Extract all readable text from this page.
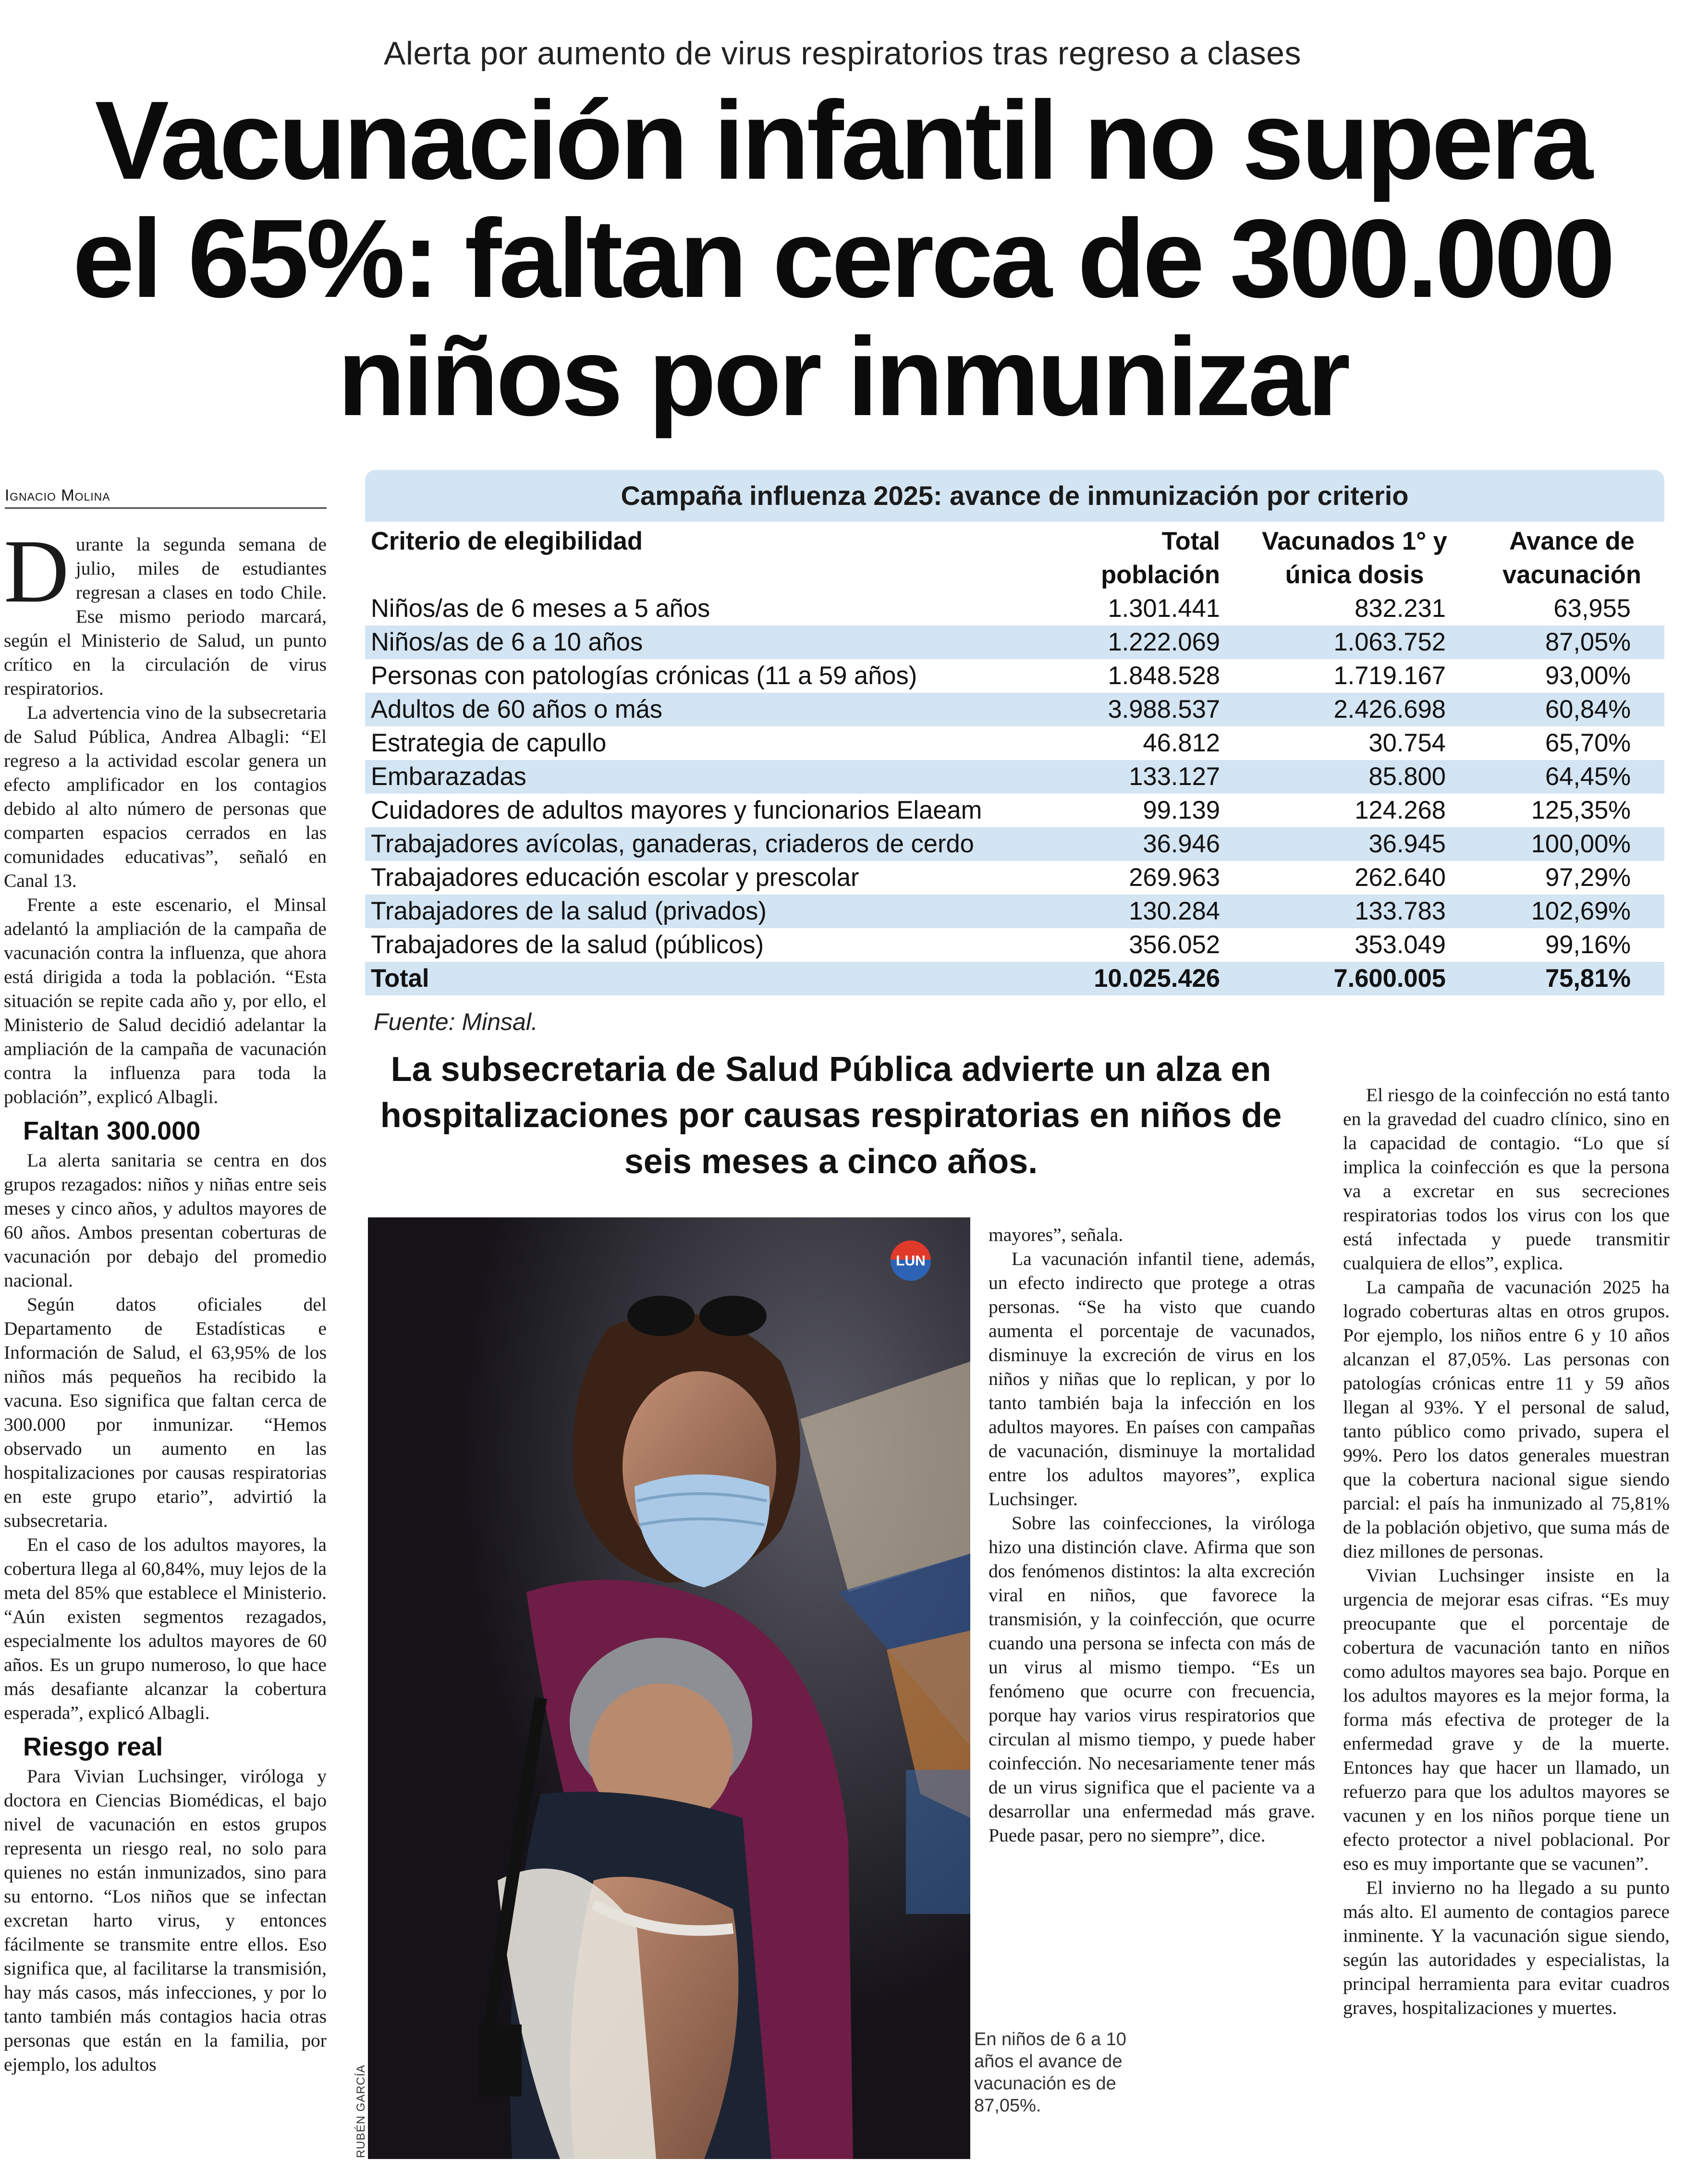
Alerta por aumento de virus respiratorios tras regreso a clases
Vacunación infantil no supera el 65%: faltan cerca de 300.000 niños por inmunizar
Ignacio Molina

Durante la segunda semana de julio, miles de estudiantes regresan a clases en todo Chile. Ese mismo periodo marcará, según el Ministerio de Salud, un punto crítico en la circulación de virus respiratorios.

La advertencia vino de la subsecretaria de Salud Pública, Andrea Albagli: “El regreso a la actividad escolar genera un efecto amplificador en los contagios debido al alto número de personas que comparten espacios cerrados en las comunidades educativas”, señaló en Canal 13.

Frente a este escenario, el Minsal adelantó la ampliación de la campaña de vacunación contra la influenza, que ahora está dirigida a toda la población. “Esta situación se repite cada año y, por ello, el Ministerio de Salud decidió adelantar la ampliación de la campaña de vacunación contra la influenza para toda la población”, explicó Albagli.

Faltan 300.000

La alerta sanitaria se centra en dos grupos rezagados: niños y niñas entre seis meses y cinco años, y adultos mayores de 60 años. Ambos presentan coberturas de vacunación por debajo del promedio nacional.

Según datos oficiales del Departamento de Estadísticas e Información de Salud, el 63,95% de los niños más pequeños ha recibido la vacuna. Eso significa que faltan cerca de 300.000 por inmunizar. “Hemos observado un aumento en las hospitalizaciones por causas respiratorias en este grupo etario”, advirtió la subsecretaria.

En el caso de los adultos mayores, la cobertura llega al 60,84%, muy lejos de la meta del 85% que establece el Ministerio. “Aún existen segmentos rezagados, especialmente los adultos mayores de 60 años. Es un grupo numeroso, lo que hace más desafiante alcanzar la cobertura esperada”, explicó Albagli.

Riesgo real

Para Vivian Luchsinger, viróloga y doctora en Ciencias Biomédicas, el bajo nivel de vacunación en estos grupos representa un riesgo real, no solo para quienes no están inmunizados, sino para su entorno. “Los niños que se infectan excretan harto virus, y entonces fácilmente se transmite entre ellos. Eso significa que, al facilitarse la transmisión, hay más casos, más infecciones, y por lo tanto también más contagios hacia otras personas que están en la familia, por ejemplo, los adultos

Campaña influenza 2025: avance de inmunización por criterio
Criterio de elegibilidad	Total población	Vacunados 1° y única dosis	Avance de vacunación
Niños/as de 6 meses a 5 años	1.301.441	832.231	63,955
Niños/as de 6 a 10 años	1.222.069	1.063.752	87,05%
Personas con patologías crónicas (11 a 59 años)	1.848.528	1.719.167	93,00%
Adultos de 60 años o más	3.988.537	2.426.698	60,84%
Estrategia de capullo	46.812	30.754	65,70%
Embarazadas	133.127	85.800	64,45%
Cuidadores de adultos mayores y funcionarios Elaeam	99.139	124.268	125,35%
Trabajadores avícolas, ganaderas, criaderos de cerdo	36.946	36.945	100,00%
Trabajadores educación escolar y prescolar	269.963	262.640	97,29%
Trabajadores de la salud (privados)	130.284	133.783	102,69%
Trabajadores de la salud (públicos)	356.052	353.049	99,16%
Total	10.025.426	7.600.005	75,81%
Fuente: Minsal.
La subsecretaria de Salud Pública advierte un alza en hospitalizaciones por causas respiratorias en niños de seis meses a cinco años.
LUN
RUBÉN GARCÍA
En niños de 6 a 10 años el avance de vacunación es de 87,05%.

mayores”, señala.

La vacunación infantil tiene, además, un efecto indirecto que protege a otras personas. “Se ha visto que cuando aumenta el porcentaje de vacunados, disminuye la excreción de virus en los niños y niñas que lo replican, y por lo tanto también baja la infección en los adultos mayores. En países con campañas de vacunación, disminuye la mortalidad entre los adultos mayores”, explica Luchsinger.

Sobre las coinfecciones, la viróloga hizo una distinción clave. Afirma que son dos fenómenos distintos: la alta excreción viral en niños, que favorece la transmisión, y la coinfección, que ocurre cuando una persona se infecta con más de un virus al mismo tiempo. “Es un fenómeno que ocurre con frecuencia, porque hay varios virus respiratorios que circulan al mismo tiempo, y puede haber coinfección. No necesariamente tener más de un virus significa que el paciente va a desarrollar una enfermedad más grave. Puede pasar, pero no siempre”, dice.

El riesgo de la coinfección no está tanto en la gravedad del cuadro clínico, sino en la capacidad de contagio. “Lo que sí implica la coinfección es que la persona va a excretar en sus secreciones respiratorias todos los virus con los que está infectada y puede transmitir cualquiera de ellos”, explica.

La campaña de vacunación 2025 ha logrado coberturas altas en otros grupos. Por ejemplo, los niños entre 6 y 10 años alcanzan el 87,05%. Las personas con patologías crónicas entre 11 y 59 años llegan al 93%. Y el personal de salud, tanto público como privado, supera el 99%. Pero los datos generales muestran que la cobertura nacional sigue siendo parcial: el país ha inmunizado al 75,81% de la población objetivo, que suma más de diez millones de personas.

Vivian Luchsinger insiste en la urgencia de mejorar esas cifras. “Es muy preocupante que el porcentaje de cobertura de vacunación tanto en niños como adultos mayores sea bajo. Porque en los adultos mayores es la mejor forma, la forma más efectiva de proteger de la enfermedad grave y de la muerte. Entonces hay que hacer un llamado, un refuerzo para que los adultos mayores se vacunen y en los niños porque tiene un efecto protector a nivel poblacional. Por eso es muy importante que se vacunen”.

El invierno no ha llegado a su punto más alto. El aumento de contagios parece inminente. Y la vacunación sigue siendo, según las autoridades y especialistas, la principal herramienta para evitar cuadros graves, hospitalizaciones y muertes.
